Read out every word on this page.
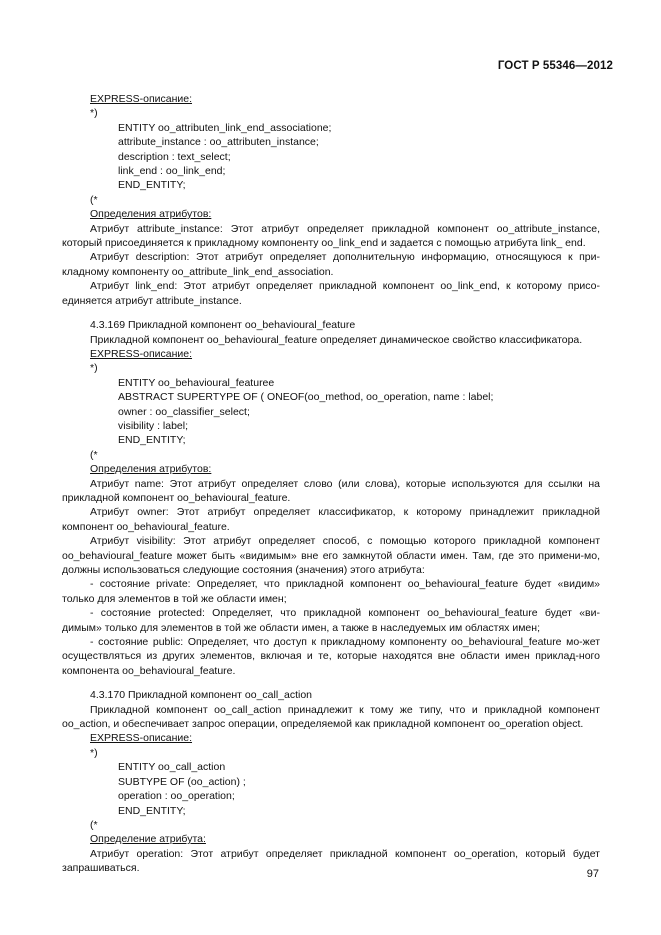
ГОСТ Р 55346—2012

EXPRESS-описание:

*)

ENTITY oo_attributen_link_end_associatione;

attribute_instance : oo_attributen_instance;

description : text_select;

link_end : oo_link_end;

END_ENTITY;

(*

Определения атрибутов:

Атрибут attribute_instance: Этот атрибут определяет прикладной компонент oo_attribute_instance, который присоединяется к прикладному компоненту oo_link_end и задается с помощью атрибута link_ end.

Атрибут description: Этот атрибут определяет дополнительную информацию, относящуюся к при-кладному компоненту oo_attribute_link_end_association.

Атрибут link_end: Этот атрибут определяет прикладной компонент oo_link_end, к которому присо-единяется атрибут attribute_instance.

4.3.169 Прикладной компонент oo_behavioural_feature

Прикладной компонент oo_behavioural_feature определяет динамическое свойство классификатора.

EXPRESS-описание:

*)

ENTITY oo_behavioural_featuree

ABSTRACT SUPERTYPE OF ( ONEOF(oo_method, oo_operation, name : label;

owner : oo_classifier_select;

visibility : label;

END_ENTITY;

(*

Определения атрибутов:

Атрибут name: Этот атрибут определяет слово (или слова), которые используются для ссылки на прикладной компонент oo_behavioural_feature.

Атрибут owner: Этот атрибут определяет классификатор, к которому принадлежит прикладной компонент oo_behavioural_feature.

Атрибут visibility: Этот атрибут определяет способ, с помощью которого прикладной компонент oo_behavioural_feature может быть «видимым» вне его замкнутой области имен. Там, где это примени-мо, должны использоваться следующие состояния (значения) этого атрибута:

- состояние private: Определяет, что прикладной компонент oo_behavioural_feature будет «видим» только для элементов в той же области имен;

- состояние protected: Определяет, что прикладной компонент oo_behavioural_feature будет «ви-димым» только для элементов в той же области имен, а также в наследуемых им областях имен;

- состояние public: Определяет, что доступ к прикладному компоненту oo_behavioural_feature мо-жет осуществляться из других элементов, включая и те, которые находятся вне области имен приклад-ного компонента oo_behavioural_feature.

4.3.170 Прикладной компонент oo_call_action

Прикладной компонент oo_call_action принадлежит к тому же типу, что и прикладной компонент oo_action, и обеспечивает запрос операции, определяемой как прикладной компонент oo_operation object.

EXPRESS-описание:

*)

ENTITY oo_call_action

SUBTYPE OF (oo_action) ;

operation : oo_operation;

END_ENTITY;

(*

Определение атрибута:

Атрибут operation: Этот атрибут определяет прикладной компонент oo_operation, который будет запрашиваться.	97
